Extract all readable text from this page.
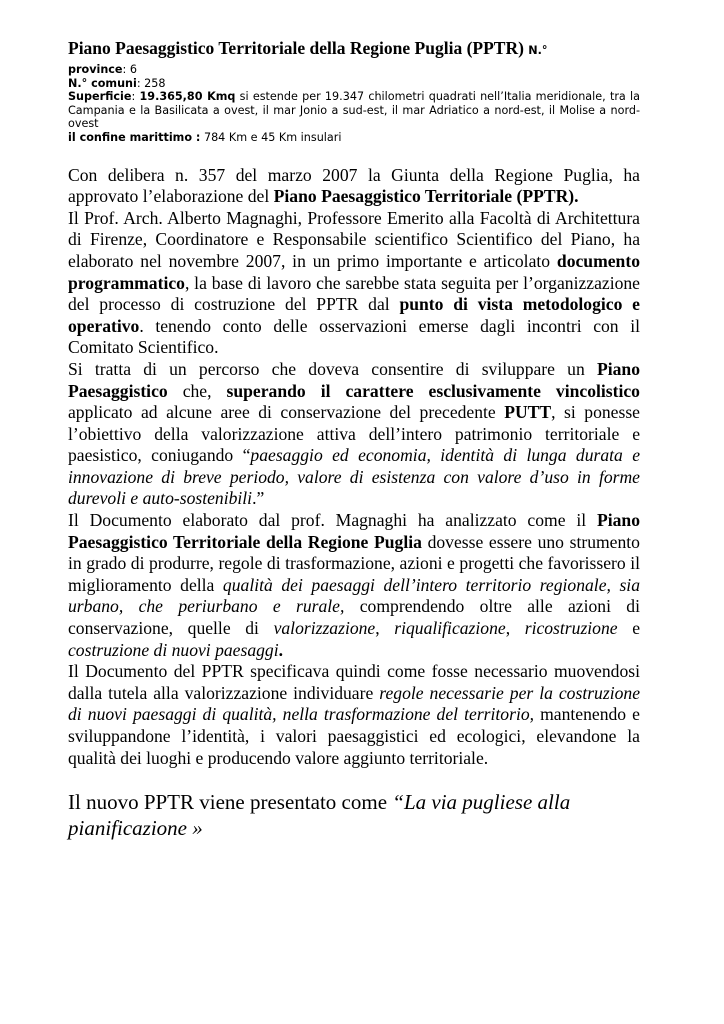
Piano Paesaggistico Territoriale della Regione Puglia (PPTR) N.°
province: 6
N.° comuni: 258
Superficie: 19.365,80 Kmq si estende per 19.347 chilometri quadrati nell’Italia meridionale, tra la Campania e la Basilicata a ovest, il mar Jonio a sud-est, il mar Adriatico a nord-est, il Molise a nord-ovest
il confine marittimo : 784 Km e 45 Km insulari

Con delibera n. 357 del marzo 2007 la Giunta della Regione Puglia, ha approvato l’elaborazione del Piano Paesaggistico Territoriale (PPTR).

Il Prof. Arch. Alberto Magnaghi, Professore Emerito alla Facoltà di Architettura di Firenze, Coordinatore e Responsabile scientifico Scientifico del Piano, ha elaborato nel novembre 2007, in un primo importante e articolato documento programmatico, la base di lavoro che sarebbe stata seguita per l’organizzazione del processo di costruzione del PPTR dal punto di vista metodologico e operativo. tenendo conto delle osservazioni emerse dagli incontri con il Comitato Scientifico.

Si tratta di un percorso che doveva consentire di sviluppare un Piano Paesaggistico che, superando il carattere esclusivamente vincolistico applicato ad alcune aree di conservazione del precedente PUTT, si ponesse l’obiettivo della valorizzazione attiva dell’intero patrimonio territoriale e paesistico, coniugando “paesaggio ed economia, identità di lunga durata e innovazione di breve periodo, valore di esistenza con valore d’uso in forme durevoli e auto-sostenibili.”

Il Documento elaborato dal prof. Magnaghi ha analizzato come il Piano Paesaggistico Territoriale della Regione Puglia dovesse essere uno strumento in grado di produrre, regole di trasformazione, azioni e progetti che favorissero il miglioramento della qualità dei paesaggi dell’intero territorio regionale, sia urbano, che periurbano e rurale, comprendendo oltre alle azioni di conservazione, quelle di valorizzazione, riqualificazione, ricostruzione e costruzione di nuovi paesaggi.

Il Documento del PPTR specificava quindi come fosse necessario muovendosi dalla tutela alla valorizzazione individuare regole necessarie per la costruzione di nuovi paesaggi di qualità, nella trasformazione del territorio, mantenendo e sviluppandone l’identità, i valori paesaggistici ed ecologici, elevandone la qualità dei luoghi e producendo valore aggiunto territoriale.

Il nuovo PPTR viene presentato come “La via pugliese alla pianificazione »
